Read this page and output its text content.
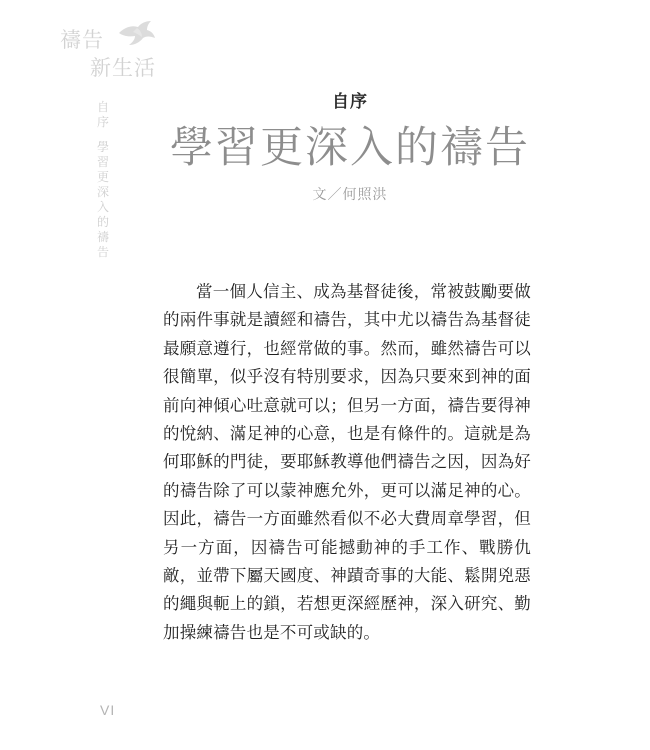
禱告
新生活
自
序
學
習
更
深
入
的
禱
告
自序
學習更深入的禱告
文／何照洪

當一個人信主、成為基督徒後，常被鼓勵要做的兩件事就是讀經和禱告，其中尤以禱告為基督徒最願意遵行，也經常做的事。然而，雖然禱告可以很簡單，似乎沒有特別要求，因為只要來到神的面前向神傾心吐意就可以；但另一方面，禱告要得神的悅納、滿足神的心意，也是有條件的。這就是為何耶穌的門徒，要耶穌教導他們禱告之因，因為好的禱告除了可以蒙神應允外，更可以滿足神的心。因此，禱告一方面雖然看似不必大費周章學習，但另一方面，因禱告可能撼動神的手工作、戰勝仇敵，並帶下屬天國度、神蹟奇事的大能、鬆開兇惡的繩與軛上的鎖，若想更深經歷神，深入研究、勤加操練禱告也是不可或缺的。

VI
